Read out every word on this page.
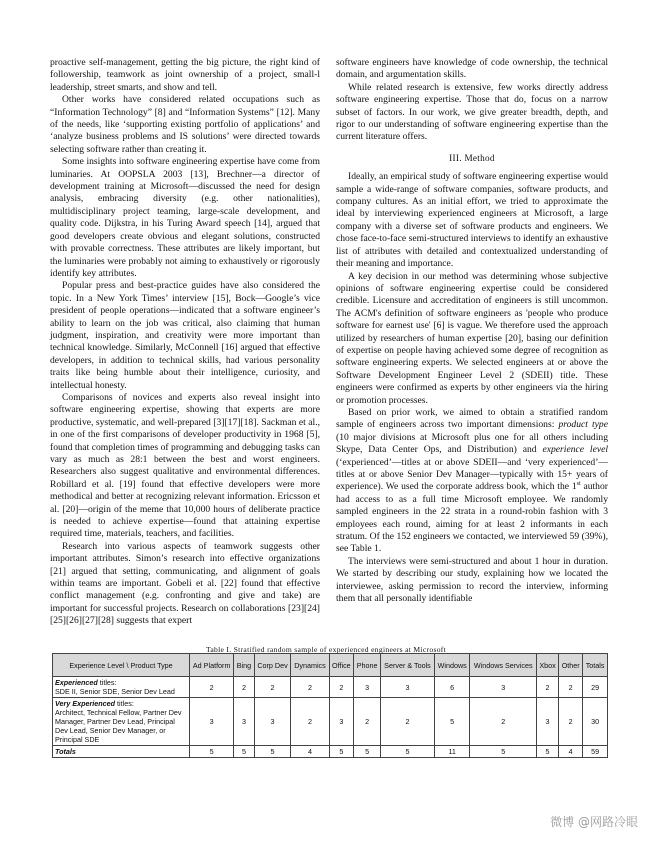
proactive self-management, getting the big picture, the right kind of followership, teamwork as joint ownership of a project, small-l leadership, street smarts, and show and tell.

Other works have considered related occupations such as “Information Technology” [8] and “Information Systems” [12]. Many of the needs, like ‘supporting existing portfolio of applications’ and ‘analyze business problems and IS solutions’ were directed towards selecting software rather than creating it.

Some insights into software engineering expertise have come from luminaries. At OOPSLA 2003 [13], Brechner—a director of development training at Microsoft—discussed the need for design analysis, embracing diversity (e.g. other nationalities), multidisciplinary project teaming, large-scale development, and quality code. Dijkstra, in his Turing Award speech [14], argued that good developers create obvious and elegant solutions, constructed with provable correctness. These attributes are likely important, but the luminaries were probably not aiming to exhaustively or rigorously identify key attributes.

Popular press and best-practice guides have also considered the topic. In a New York Times’ interview [15], Bock—Google’s vice president of people operations—indicated that a software engineer’s ability to learn on the job was critical, also claiming that human judgment, inspiration, and creativity were more important than technical knowledge. Similarly, McConnell [16] argued that effective developers, in addition to technical skills, had various personality traits like being humble about their intelligence, curiosity, and intellectual honesty.

Comparisons of novices and experts also reveal insight into software engineering expertise, showing that experts are more productive, systematic, and well-prepared [3][17][18]. Sackman et al., in one of the first comparisons of developer productivity in 1968 [5], found that completion times of programming and debugging tasks can vary as much as 28:1 between the best and worst engineers. Researchers also suggest qualitative and environmental differences. Robillard et al. [19] found that effective developers were more methodical and better at recognizing relevant information. Ericsson et al. [20]—origin of the meme that 10,000 hours of deliberate practice is needed to achieve expertise—found that attaining expertise required time, materials, teachers, and facilities.

Research into various aspects of teamwork suggests other important attributes. Simon’s research into effective organizations [21] argued that setting, communicating, and alignment of goals within teams are important. Gobeli et al. [22] found that effective conflict management (e.g. confronting and give and take) are important for successful projects. Research on collaborations [23][24][25][26][27][28] suggests that expert

software engineers have knowledge of code ownership, the technical domain, and argumentation skills.

While related research is extensive, few works directly address software engineering expertise. Those that do, focus on a narrow subset of factors. In our work, we give greater breadth, depth, and rigor to our understanding of software engineering expertise than the current literature offers.

III. Method

Ideally, an empirical study of software engineering expertise would sample a wide-range of software companies, software products, and company cultures. As an initial effort, we tried to approximate the ideal by interviewing experienced engineers at Microsoft, a large company with a diverse set of software products and engineers. We chose face-to-face semi-structured interviews to identify an exhaustive list of attributes with detailed and contextualized understanding of their meaning and importance.

A key decision in our method was determining whose subjective opinions of software engineering expertise could be considered credible. Licensure and accreditation of engineers is still uncommon. The ACM's definition of software engineers as 'people who produce software for earnest use' [6] is vague. We therefore used the approach utilized by researchers of human expertise [20], basing our definition of expertise on people having achieved some degree of recognition as software engineering experts. We selected engineers at or above the Software Development Engineer Level 2 (SDEII) title. These engineers were confirmed as experts by other engineers via the hiring or promotion processes.

Based on prior work, we aimed to obtain a stratified random sample of engineers across two important dimensions: product type (10 major divisions at Microsoft plus one for all others including Skype, Data Center Ops, and Distribution) and experience level (‘experienced’—titles at or above SDEII—and ‘very experienced’—titles at or above Senior Dev Manager—typically with 15+ years of experience). We used the corporate address book, which the 1st author had access to as a full time Microsoft employee. We randomly sampled engineers in the 22 strata in a round-robin fashion with 3 employees each round, aiming for at least 2 informants in each stratum. Of the 152 engineers we contacted, we interviewed 59 (39%), see Table 1.

The interviews were semi-structured and about 1 hour in duration. We started by describing our study, explaining how we located the interviewee, asking permission to record the interview, informing them that all personally identifiable

Table I. Stratified random sample of experienced engineers at Microsoft
Experience Level \ Product Type	Ad Platform	Bing	Corp Dev	Dynamics	Office	Phone	Server & Tools	Windows	Windows Services	Xbox	Other	Totals
Experienced titles:
SDE II, Senior SDE, Senior Dev Lead	2	2	2	2	2	3	3	6	3	2	2	29
Very Experienced titles:
Architect, Technical Fellow, Partner Dev Manager, Partner Dev Lead, Principal Dev Lead, Senior Dev Manager, or Principal SDE	3	3	3	2	3	2	2	5	2	3	2	30
Totals	5	5	5	4	5	5	5	11	5	5	4	59
微博 @网路冷眼
